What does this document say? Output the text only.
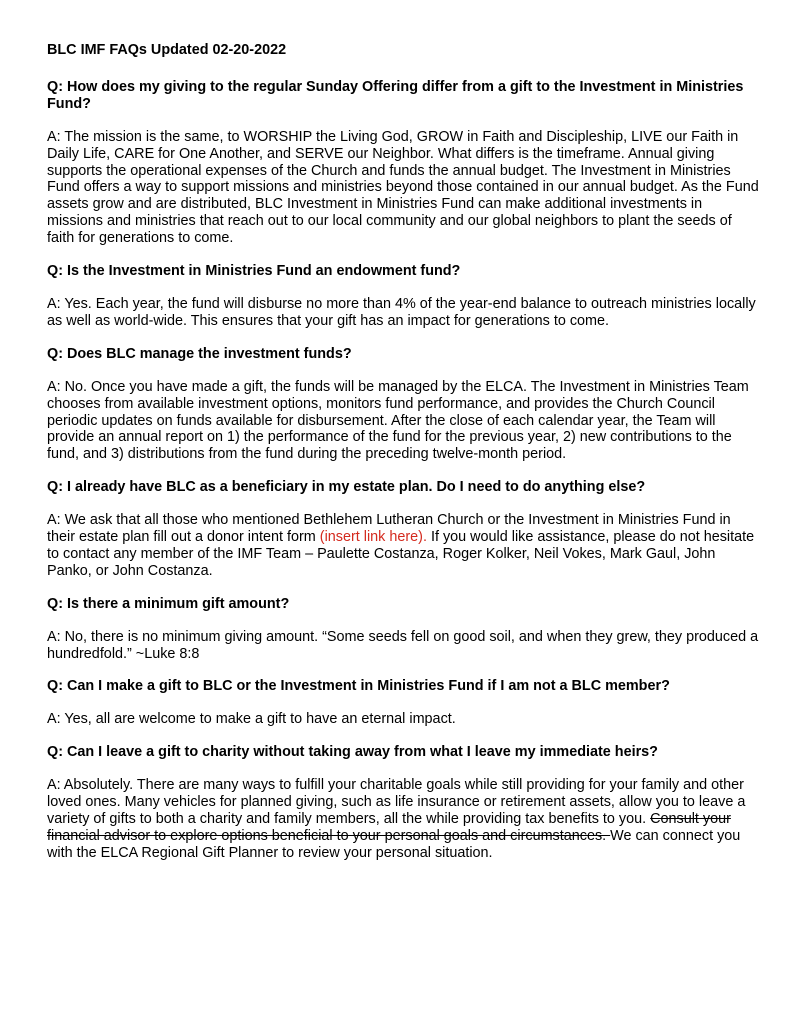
BLC IMF FAQs Updated 02-20-2022

Q: How does my giving to the regular Sunday Offering differ from a gift to the Investment in Ministries Fund?

A: The mission is the same, to WORSHIP the Living God, GROW in Faith and Discipleship, LIVE our Faith in Daily Life, CARE for One Another, and SERVE our Neighbor. What differs is the timeframe. Annual giving supports the operational expenses of the Church and funds the annual budget. The Investment in Ministries Fund offers a way to support missions and ministries beyond those contained in our annual budget. As the Fund assets grow and are distributed, BLC Investment in Ministries Fund can make additional investments in missions and ministries that reach out to our local community and our global neighbors to plant the seeds of faith for generations to come.

Q: Is the Investment in Ministries Fund an endowment fund?

A: Yes. Each year, the fund will disburse no more than 4% of the year-end balance to outreach ministries locally as well as world-wide. This ensures that your gift has an impact for generations to come.

Q: Does BLC manage the investment funds?

A: No. Once you have made a gift, the funds will be managed by the ELCA. The Investment in Ministries Team chooses from available investment options, monitors fund performance, and provides the Church Council periodic updates on funds available for disbursement. After the close of each calendar year, the Team will provide an annual report on 1) the performance of the fund for the previous year, 2) new contributions to the fund, and 3) distributions from the fund during the preceding twelve-month period.

Q: I already have BLC as a beneficiary in my estate plan. Do I need to do anything else?

A: We ask that all those who mentioned Bethlehem Lutheran Church or the Investment in Ministries Fund in their estate plan fill out a donor intent form (insert link here). If you would like assistance, please do not hesitate to contact any member of the IMF Team – Paulette Costanza, Roger Kolker, Neil Vokes, Mark Gaul, John Panko, or John Costanza.

Q: Is there a minimum gift amount?

A: No, there is no minimum giving amount. “Some seeds fell on good soil, and when they grew, they produced a hundredfold.” ~Luke 8:8

Q: Can I make a gift to BLC or the Investment in Ministries Fund if I am not a BLC member?

A: Yes, all are welcome to make a gift to have an eternal impact.

Q: Can I leave a gift to charity without taking away from what I leave my immediate heirs?

A: Absolutely. There are many ways to fulfill your charitable goals while still providing for your family and other loved ones. Many vehicles for planned giving, such as life insurance or retirement assets, allow you to leave a variety of gifts to both a charity and family members, all the while providing tax benefits to you. Consult your financial advisor to explore options beneficial to your personal goals and circumstances. We can connect you with the ELCA Regional Gift Planner to review your personal situation.
